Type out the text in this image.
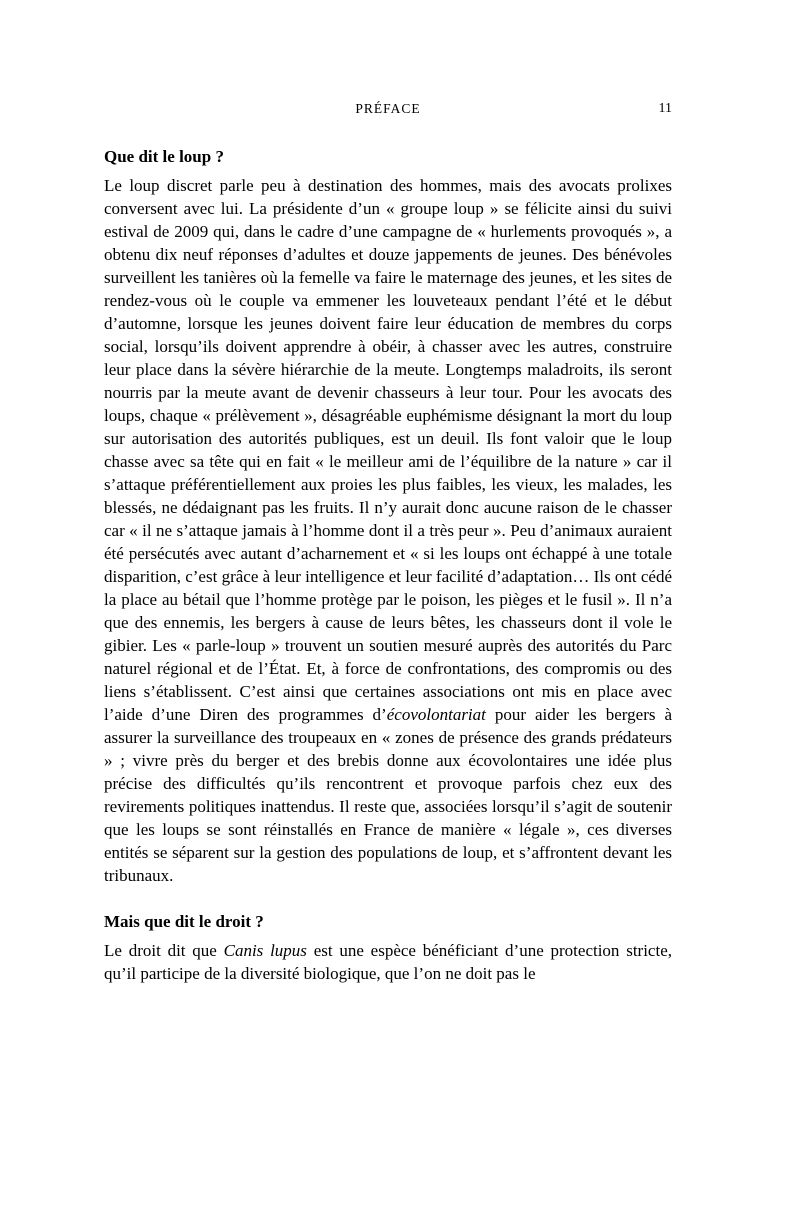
PRÉFACE	11
Que dit le loup ?

Le loup discret parle peu à destination des hommes, mais des avocats prolixes conversent avec lui. La présidente d’un « groupe loup » se félicite ainsi du suivi estival de 2009 qui, dans le cadre d’une campagne de « hurlements provoqués », a obtenu dix neuf réponses d’adultes et douze jappements de jeunes. Des bénévoles surveillent les tanières où la femelle va faire le maternage des jeunes, et les sites de rendez-vous où le couple va emmener les louveteaux pendant l’été et le début d’automne, lorsque les jeunes doivent faire leur éducation de membres du corps social, lorsqu’ils doivent apprendre à obéir, à chasser avec les autres, construire leur place dans la sévère hiérarchie de la meute. Longtemps maladroits, ils seront nourris par la meute avant de devenir chasseurs à leur tour. Pour les avocats des loups, chaque « prélèvement », désagréable euphémisme désignant la mort du loup sur autorisation des autorités publiques, est un deuil. Ils font valoir que le loup chasse avec sa tête qui en fait « le meilleur ami de l’équilibre de la nature » car il s’attaque préférentiellement aux proies les plus faibles, les vieux, les malades, les blessés, ne dédaignant pas les fruits. Il n’y aurait donc aucune raison de le chasser car « il ne s’attaque jamais à l’homme dont il a très peur ». Peu d’animaux auraient été persécutés avec autant d’acharnement et « si les loups ont échappé à une totale disparition, c’est grâce à leur intelligence et leur facilité d’adaptation… Ils ont cédé la place au bétail que l’homme protège par le poison, les pièges et le fusil ». Il n’a que des ennemis, les bergers à cause de leurs bêtes, les chasseurs dont il vole le gibier. Les « parle-loup » trouvent un soutien mesuré auprès des autorités du Parc naturel régional et de l’État. Et, à force de confrontations, des compromis ou des liens s’établissent. C’est ainsi que certaines associations ont mis en place avec l’aide d’une Diren des programmes d’écovolontariat pour aider les bergers à assurer la surveillance des troupeaux en « zones de présence des grands prédateurs » ; vivre près du berger et des brebis donne aux écovolontaires une idée plus précise des difficultés qu’ils rencontrent et provoque parfois chez eux des revirements politiques inattendus. Il reste que, associées lorsqu’il s’agit de soutenir que les loups se sont réinstallés en France de manière « légale », ces diverses entités se séparent sur la gestion des populations de loup, et s’affrontent devant les tribunaux.

Mais que dit le droit ?

Le droit dit que Canis lupus est une espèce bénéficiant d’une protection stricte, qu’il participe de la diversité biologique, que l’on ne doit pas le
